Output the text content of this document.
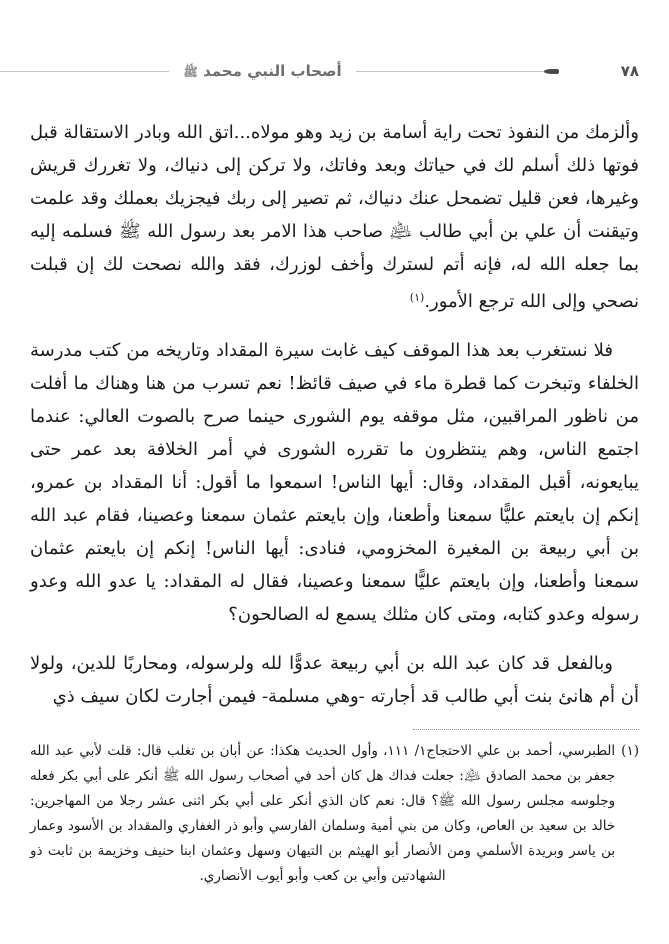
٧٨
أصحاب النبي محمد ﷺ

وألزمك من النفوذ تحت راية أسامة بن زيد وهو مولاه...اتق الله وبادر الاستقالة قبل فوتها ذلك أسلم لك في حياتك وبعد وفاتك، ولا تركن إلى دنياك، ولا تغررك قريش وغيرها، فعن قليل تضمحل عنك دنياك، ثم تصير إلى ربك فيجزيك بعملك وقد علمت وتيقنت أن علي بن أبي طالب ﵇ صاحب هذا الامر بعد رسول الله ﷺ فسلمه إليه بما جعله الله له، فإنه أتم لسترك وأخف لوزرك، فقد والله نصحت لك إن قبلت نصحي وإلى الله ترجع الأمور.$^{(١)}$

فلا نستغرب بعد هذا الموقف كيف غابت سيرة المقداد وتاريخه من كتب مدرسة الخلفاء وتبخرت كما قطرة ماء في صيف قائظ! نعم تسرب من هنا وهناك ما أفلت من ناظور المراقبين، مثل موقفه يوم الشورى حينما صرح بالصوت العالي: عندما اجتمع الناس، وهم ينتظرون ما تقرره الشورى في أمر الخلافة بعد عمر حتى يبايعونه، أقبل المقداد، وقال: أيها الناس! اسمعوا ما أقول: أنا المقداد بن عمرو، إنكم إن بايعتم عليًّا سمعنا وأطعنا، وإن بايعتم عثمان سمعنا وعصينا، فقام عبد الله بن أبي ربيعة بن المغيرة المخزومي، فنادى: أيها الناس! إنكم إن بايعتم عثمان سمعنا وأطعنا، وإن بايعتم عليًّا سمعنا وعصينا، فقال له المقداد: يا عدو الله وعدو رسوله وعدو كتابه، ومتى كان مثلك يسمع له الصالحون؟

وبالفعل قد كان عبد الله بن أبي ربيعة عدوًّا لله ولرسوله، ومحاربًا للدين، ولولا أن أم هانئ بنت أبي طالب قد أجارته -وهي مسلمة- فيمن أجارت لكان سيف ذي

(١)
الطبرسي، أحمد بن علي الاحتجاج١/ ١١١، وأول الحديث هكذا: عن أبان بن تغلب قال: قلت لأبي عبد الله جعفر بن محمد الصادق ﵇: جعلت فداك هل كان أحد في أصحاب رسول الله ﷺ أنكر على أبي بكر فعله وجلوسه مجلس رسول الله ﷺ؟ قال: نعم كان الذي أنكر على أبي بكر اثنى عشر رجلا من المهاجرين: خالد بن سعيد بن العاص، وكان من بني أمية وسلمان الفارسي وأبو ذر الغفاري والمقداد بن الأسود وعمار بن ياسر وبريدة الأسلمي ومن الأنصار أبو الهيثم بن التيهان وسهل وعثمان ابنا حنيف وخزيمة بن ثابت ذو الشهادتين وأبي بن كعب وأبو أيوب الأنصاري.
